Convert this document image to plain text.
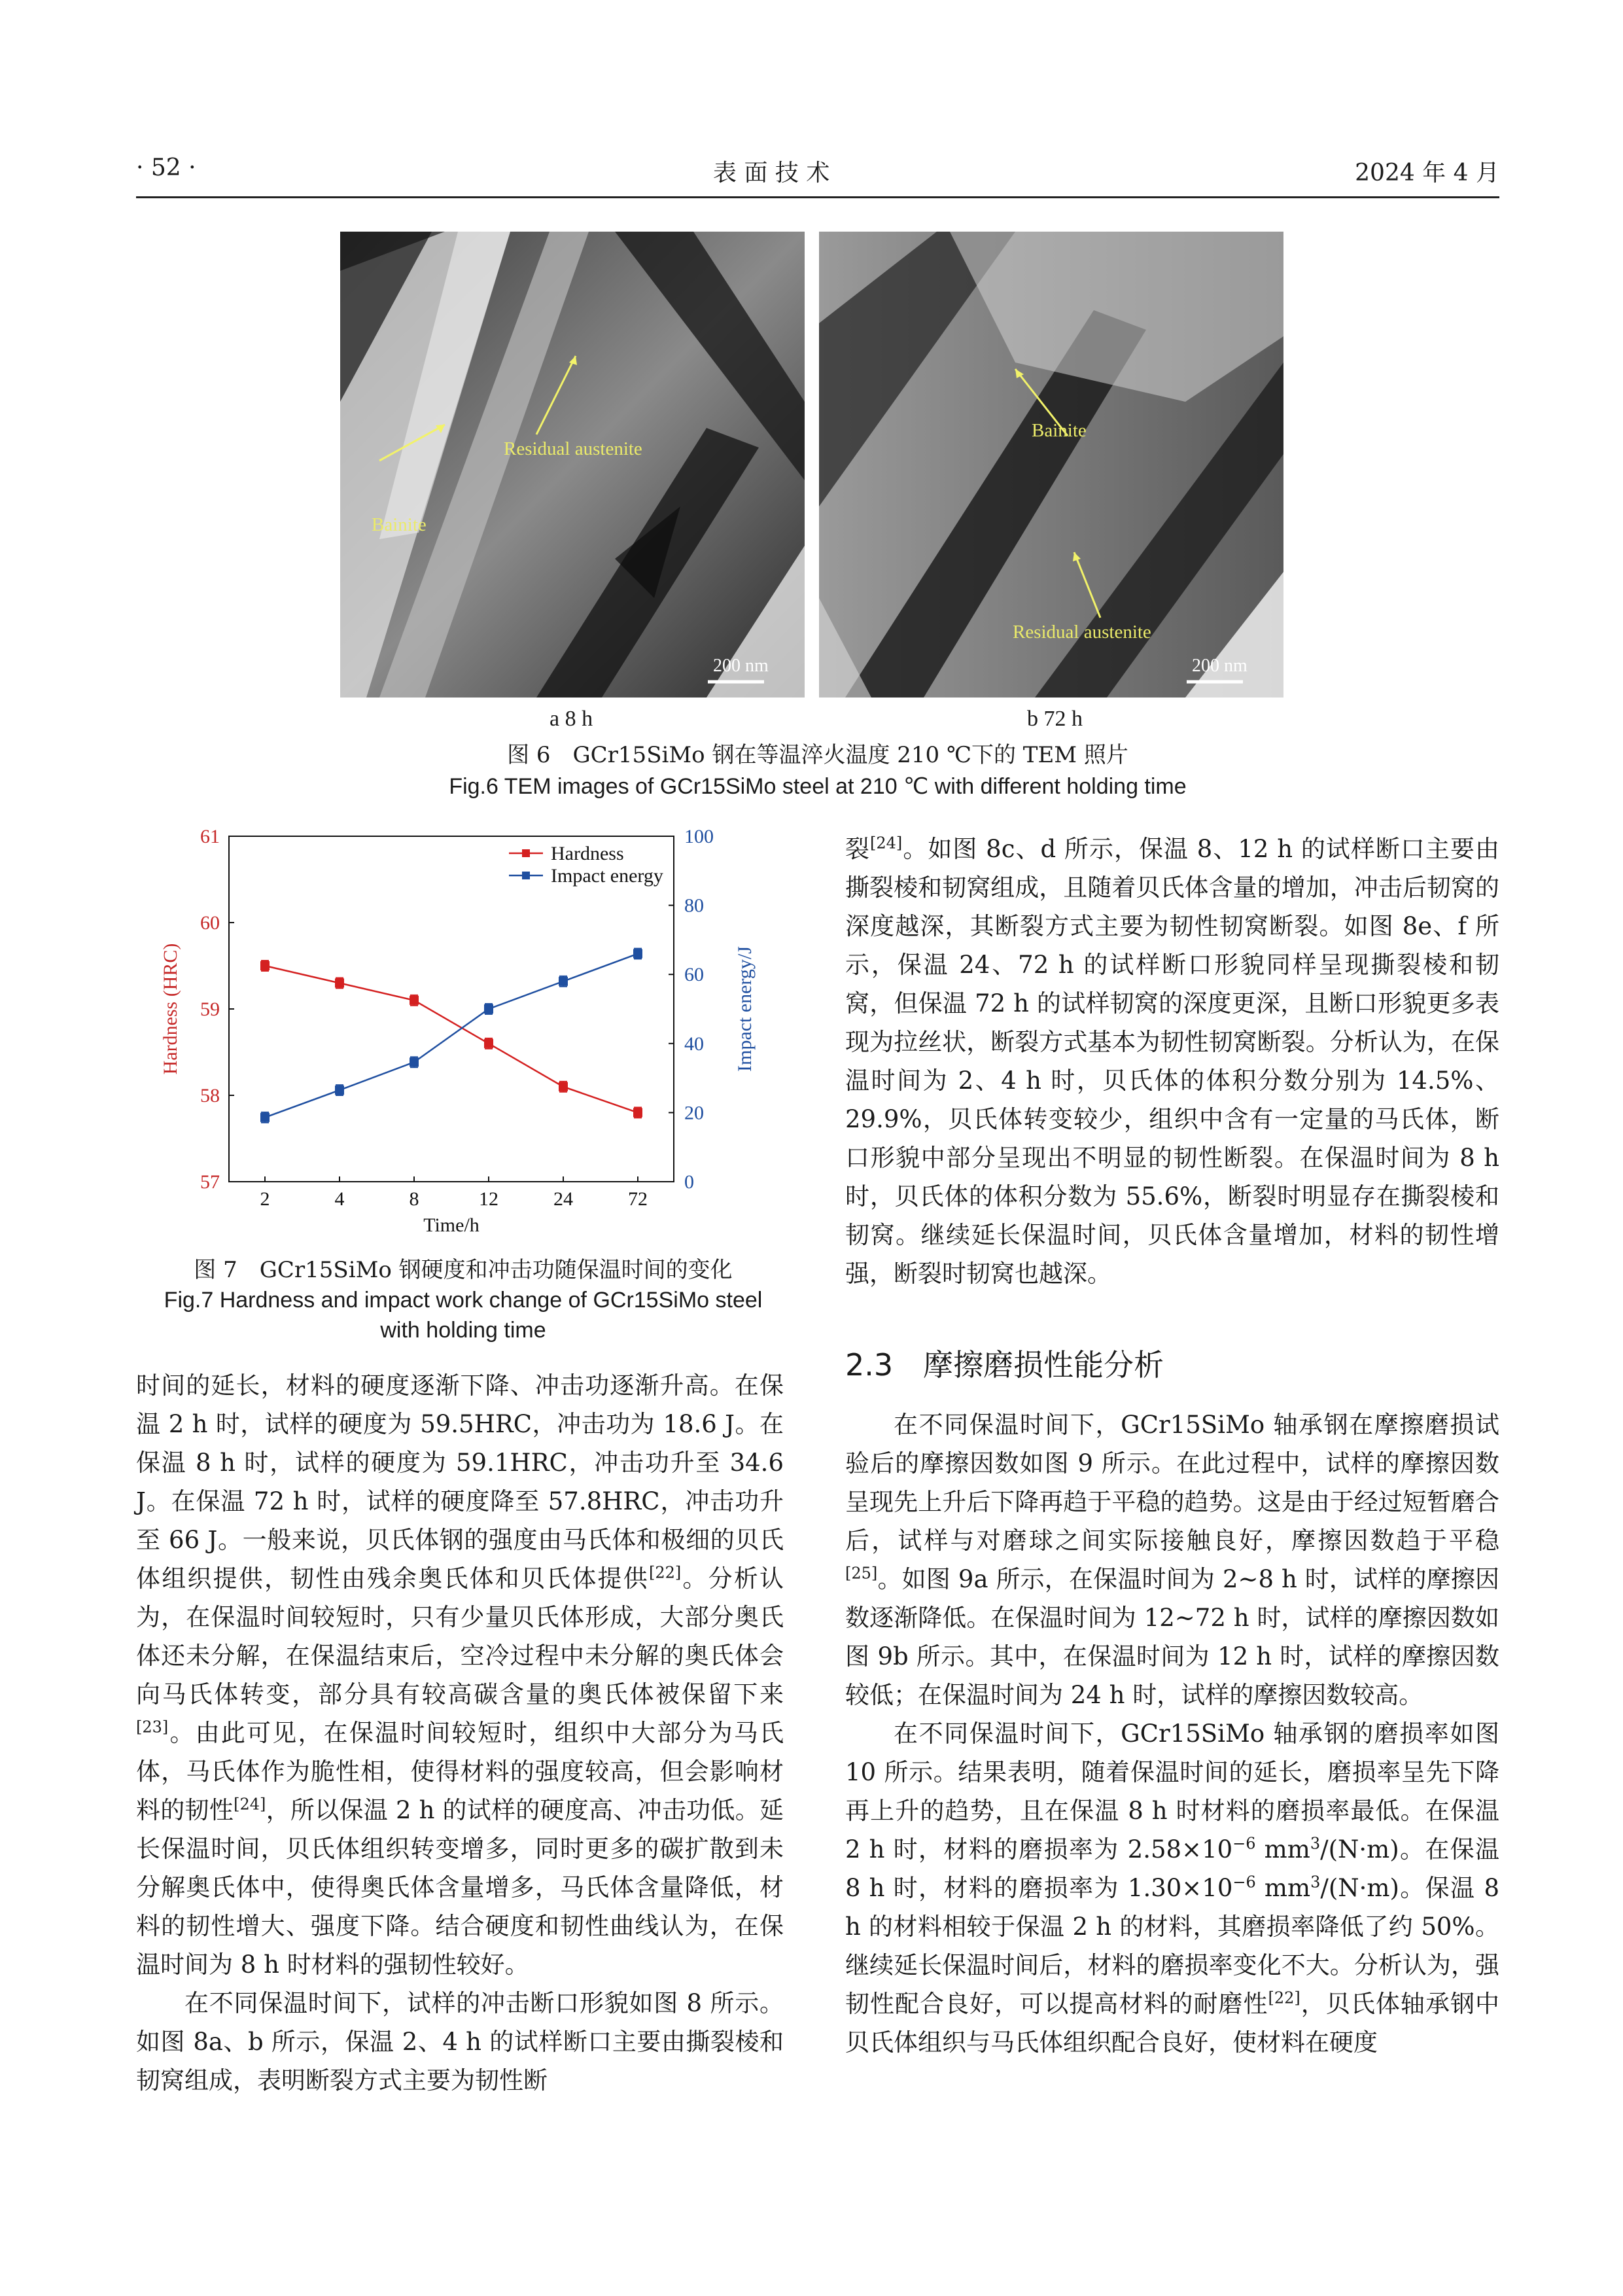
· 52 ·	表 面 技 术	2024 年 4 月
Residual austenite
Bainite
200 nm
Bainite
Residual austenite
200 nm
a 8 h	b 72 h
图 6　GCr15SiMo 钢在等温淬火温度 210 ℃下的 TEM 照片
Fig.6 TEM images of GCr15SiMo steel at 210 ℃ with different holding time
Hardness (HRC)	Impact energy/J
Time/h
57
58
59
60
61
0
20
40
60
80
100
2	4	8	12	24	72
Hardness
Impact energy
图 7　GCr15SiMo 钢硬度和冲击功随保温时间的变化
Fig.7 Hardness and impact work change of GCr15SiMo steel
with holding time

时间的延长，材料的硬度逐渐下降、冲击功逐渐升高。在保温 2 h 时，试样的硬度为 59.5HRC，冲击功为 18.6 J。在保温 8 h 时，试样的硬度为 59.1HRC，冲击功升至 34.6 J。在保温 72 h 时，试样的硬度降至 57.8HRC，冲击功升至 66 J。一般来说，贝氏体钢的强度由马氏体和极细的贝氏体组织提供，韧性由残余奥氏体和贝氏体提供[22]。分析认为，在保温时间较短时，只有少量贝氏体形成，大部分奥氏体还未分解，在保温结束后，空冷过程中未分解的奥氏体会向马氏体转变，部分具有较高碳含量的奥氏体被保留下来[23]。由此可见，在保温时间较短时，组织中大部分为马氏体，马氏体作为脆性相，使得材料的强度较高，但会影响材料的韧性[24]，所以保温 2 h 的试样的硬度高、冲击功低。延长保温时间，贝氏体组织转变增多，同时更多的碳扩散到未分解奥氏体中，使得奥氏体含量增多，马氏体含量降低，材料的韧性增大、强度下降。结合硬度和韧性曲线认为，在保温时间为 8 h 时材料的强韧性较好。

在不同保温时间下，试样的冲击断口形貌如图 8 所示。如图 8a、b 所示，保温 2、4 h 的试样断口主要由撕裂棱和韧窝组成，表明断裂方式主要为韧性断

裂[24]。如图 8c、d 所示，保温 8、12 h 的试样断口主要由撕裂棱和韧窝组成，且随着贝氏体含量的增加，冲击后韧窝的深度越深，其断裂方式主要为韧性韧窝断裂。如图 8e、f 所示，保温 24、72 h 的试样断口形貌同样呈现撕裂棱和韧窝，但保温 72 h 的试样韧窝的深度更深，且断口形貌更多表现为拉丝状，断裂方式基本为韧性韧窝断裂。分析认为，在保温时间为 2、4 h 时，贝氏体的体积分数分别为 14.5%、29.9%，贝氏体转变较少，组织中含有一定量的马氏体，断口形貌中部分呈现出不明显的韧性断裂。在保温时间为 8 h 时，贝氏体的体积分数为 55.6%，断裂时明显存在撕裂棱和韧窝。继续延长保温时间，贝氏体含量增加，材料的韧性增强，断裂时韧窝也越深。

2.3　摩擦磨损性能分析

在不同保温时间下，GCr15SiMo 轴承钢在摩擦磨损试验后的摩擦因数如图 9 所示。在此过程中，试样的摩擦因数呈现先上升后下降再趋于平稳的趋势。这是由于经过短暂磨合后，试样与对磨球之间实际接触良好，摩擦因数趋于平稳[25]。如图 9a 所示，在保温时间为 2~8 h 时，试样的摩擦因数逐渐降低。在保温时间为 12~72 h 时，试样的摩擦因数如图 9b 所示。其中，在保温时间为 12 h 时，试样的摩擦因数较低；在保温时间为 24 h 时，试样的摩擦因数较高。

在不同保温时间下，GCr15SiMo 轴承钢的磨损率如图 10 所示。结果表明，随着保温时间的延长，磨损率呈先下降再上升的趋势，且在保温 8 h 时材料的磨损率最低。在保温 2 h 时，材料的磨损率为 $2.58\times 10^{-6}$ $mm^3/(N\cdot m)$。在保温 8 h 时，材料的磨损率为 $1.30\times 10^{-6}$ $mm^3/(N\cdot m)$。保温 8 h 的材料相较于保温 2 h 的材料，其磨损率降低了约 50%。继续延长保温时间后，材料的磨损率变化不大。分析认为，强韧性配合良好，可以提高材料的耐磨性[22]，贝氏体轴承钢中贝氏体组织与马氏体组织配合良好，使材料在硬度
